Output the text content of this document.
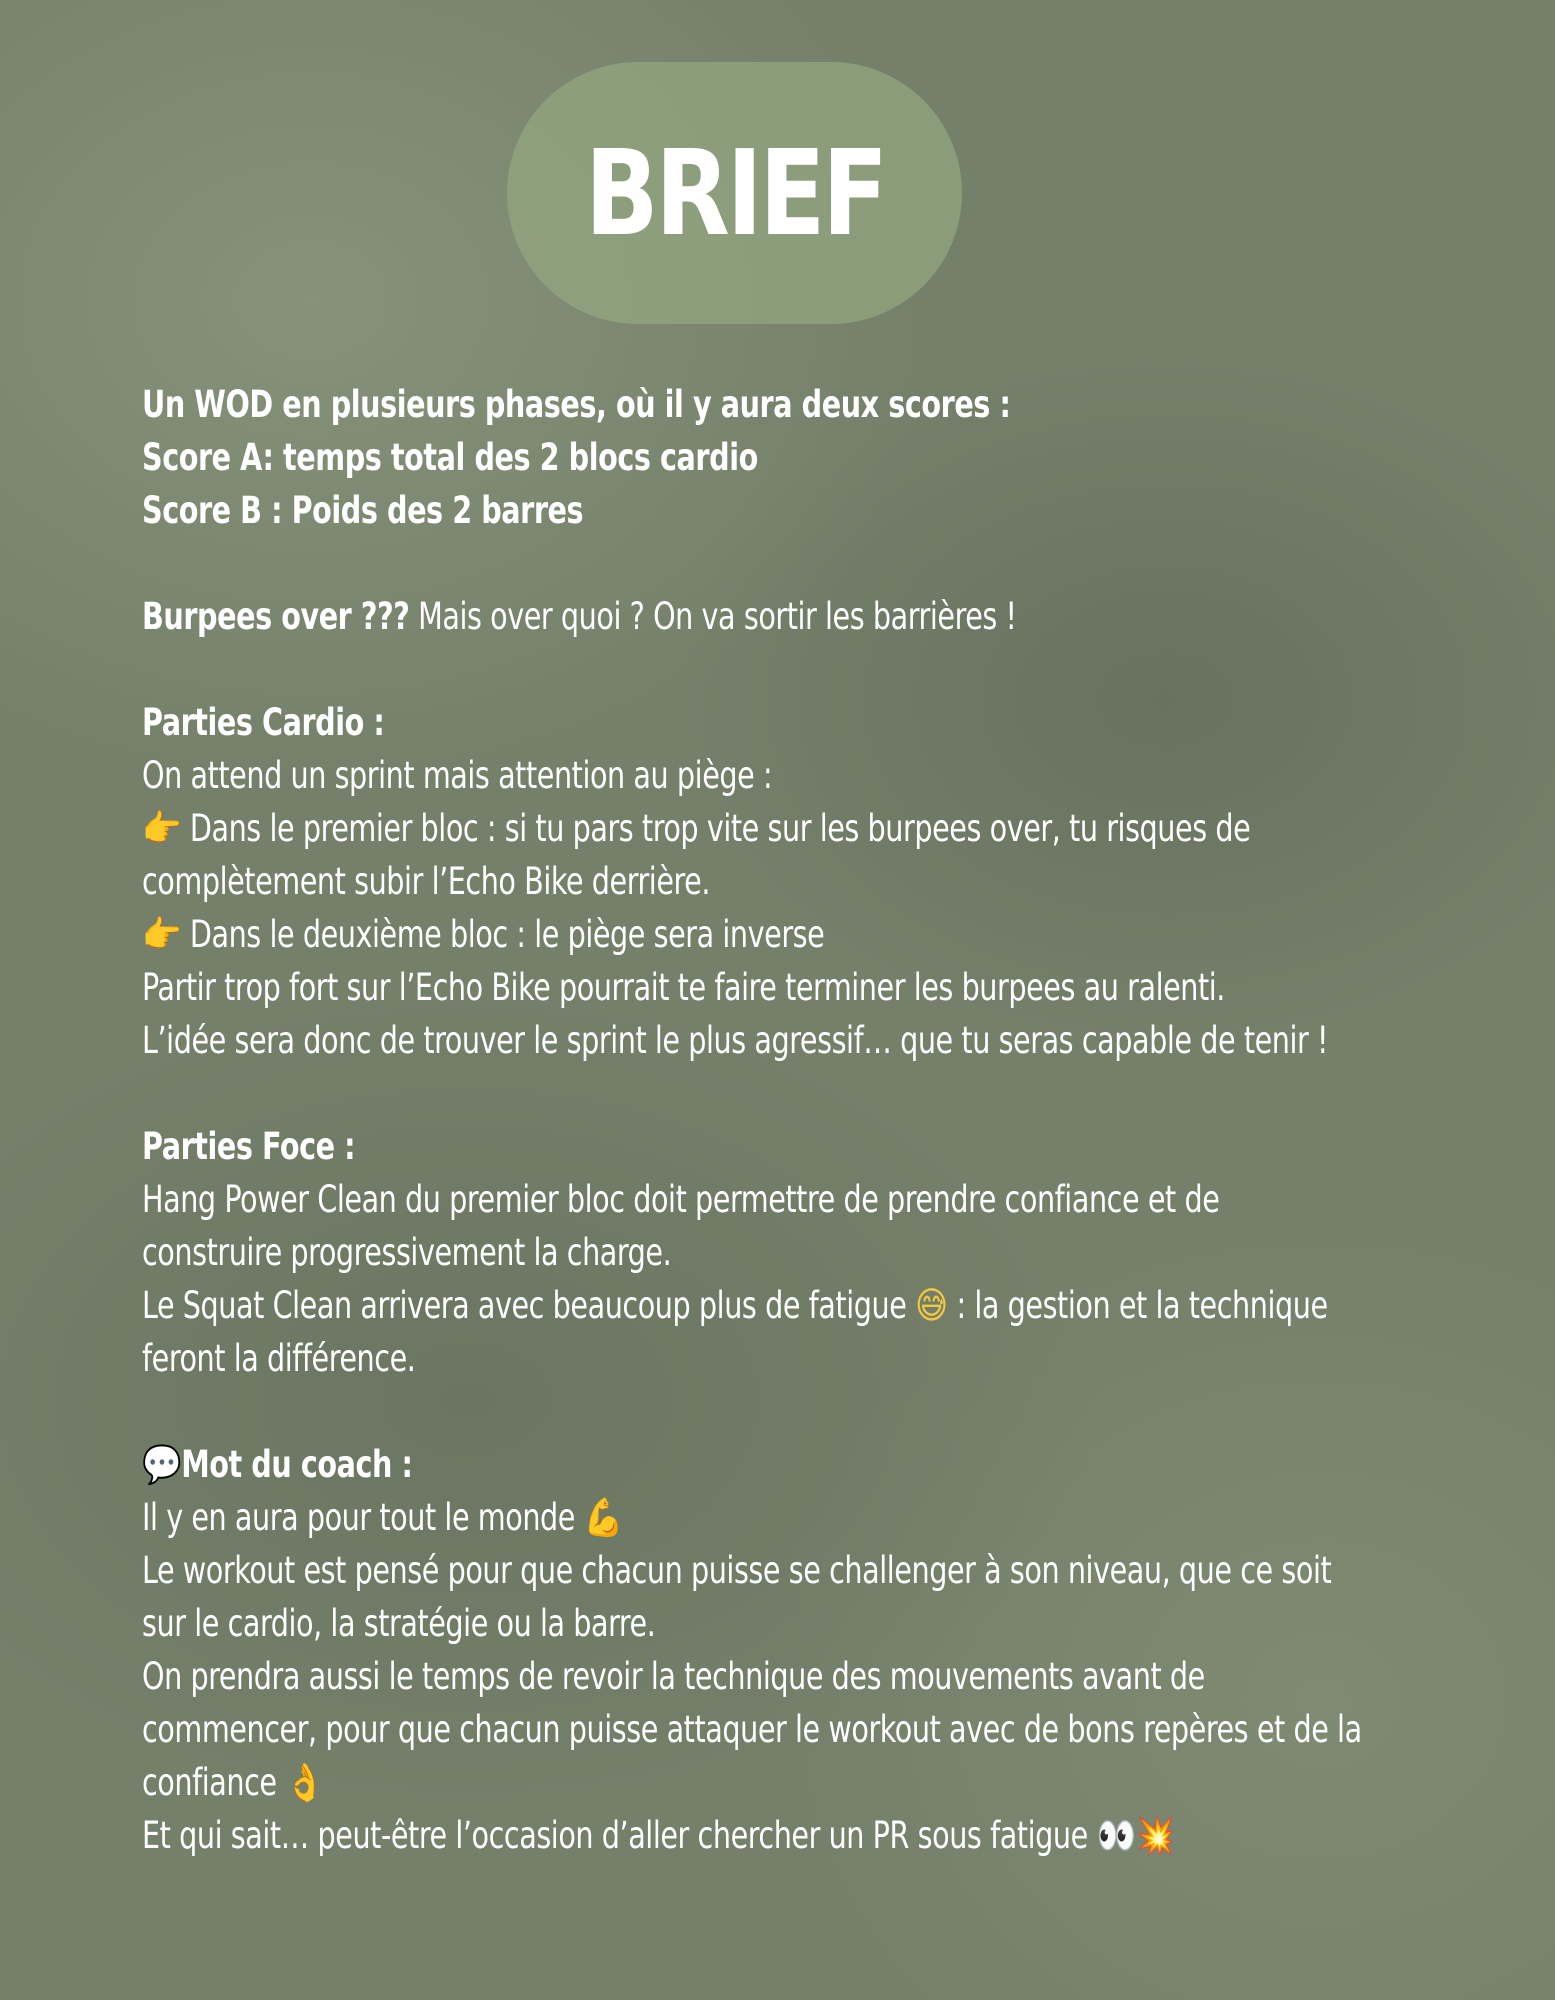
BRIEF
Un WOD en plusieurs phases, où il y aura deux scores :
Score A: temps total des 2 blocs cardio
Score B : Poids des 2 barres
Burpees over ??? Mais over quoi ? On va sortir les barrières !
Parties Cardio :
On attend un sprint mais attention au piège :
👉 Dans le premier bloc : si tu pars trop vite sur les burpees over, tu risques de
complètement subir l’Echo Bike derrière.
👉 Dans le deuxième bloc : le piège sera inverse
Partir trop fort sur l’Echo Bike pourrait te faire terminer les burpees au ralenti.
L’idée sera donc de trouver le sprint le plus agressif… que tu seras capable de tenir !
Parties Foce :
Hang Power Clean du premier bloc doit permettre de prendre confiance et de
construire progressivement la charge.
Le Squat Clean arrivera avec beaucoup plus de fatigue 😅 : la gestion et la technique
feront la différence.
💬Mot du coach :
Il y en aura pour tout le monde 💪
Le workout est pensé pour que chacun puisse se challenger à son niveau, que ce soit
sur le cardio, la stratégie ou la barre.
On prendra aussi le temps de revoir la technique des mouvements avant de
commencer, pour que chacun puisse attaquer le workout avec de bons repères et de la
confiance 👌
Et qui sait… peut-être l’occasion d’aller chercher un PR sous fatigue 👀💥
